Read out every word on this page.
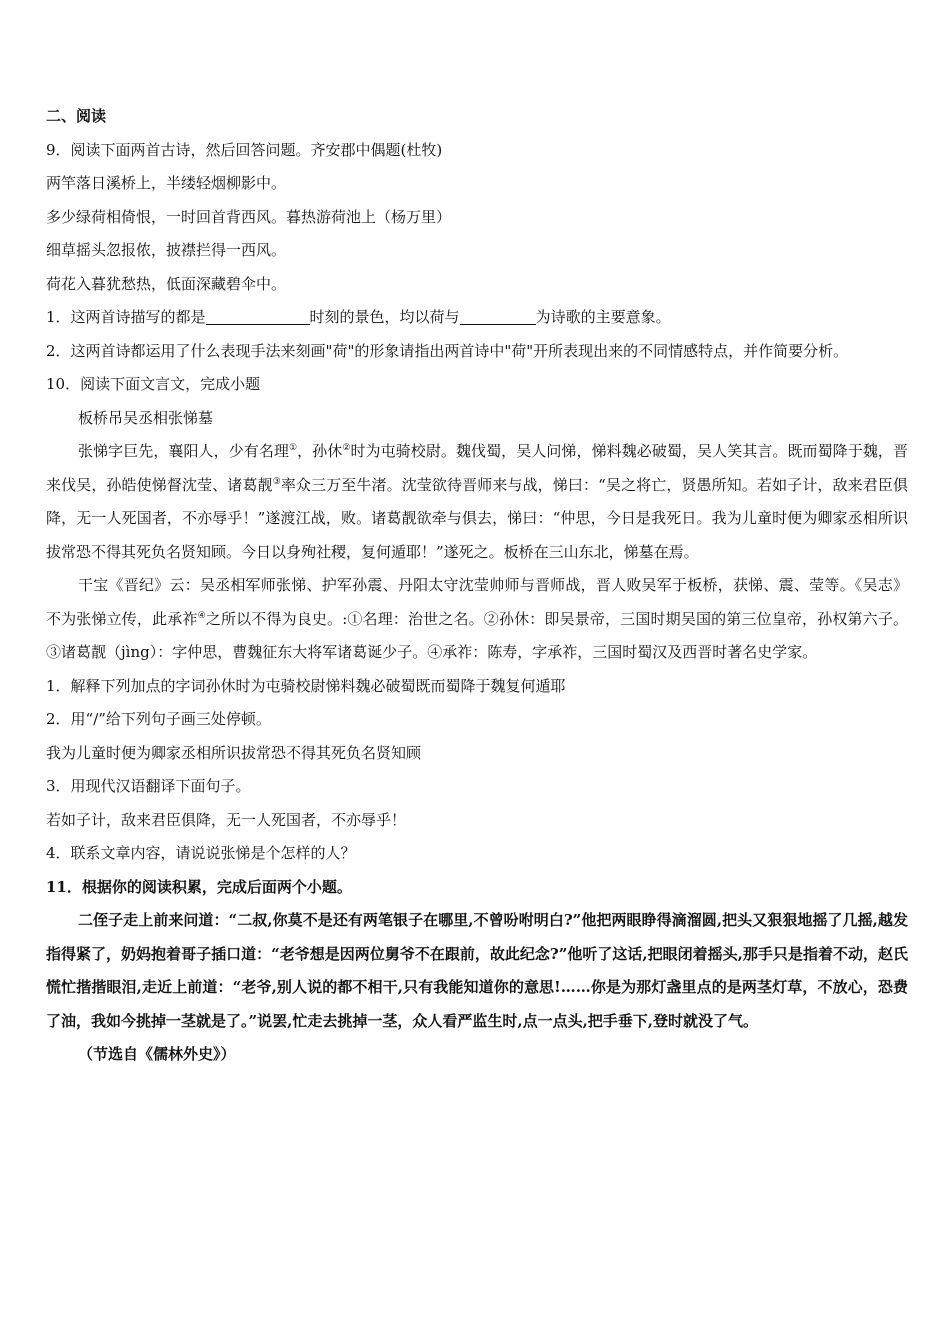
二、阅读
9．阅读下面两首古诗，然后回答问题。齐安郡中偶题(杜牧)
两竿落日溪桥上，半缕轻烟柳影中。
多少绿荷相倚恨，一时回首背西风。暮热游荷池上（杨万里）
细草摇头忽报侬，披襟拦得一西风。
荷花入暮犹愁热，低面深藏碧伞中。
1．这两首诗描写的都是	时刻的景色，均以荷与	为诗歌的主要意象。
2．这两首诗都运用了什么表现手法来刻画"荷"的形象请指出两首诗中"荷"开所表现出来的不同情感特点，并作简要分析。
10．阅读下面文言文，完成小题
板桥吊吴丞相张悌墓
张悌字巨先，襄阳人，少有名理①，孙休②时为屯骑校尉。魏伐蜀，吴人问悌，悌料魏必破蜀，吴人笑其言。既而蜀降于魏，晋来伐吴，孙皓使悌督沈莹、诸葛靓③率众三万至牛渚。沈莹欲待晋师来与战，悌曰：“吴之将亡，贤愚所知。若如子计，敌来君臣俱降，无一人死国者，不亦辱乎！”遂渡江战，败。诸葛靓欲牵与俱去，悌曰：“仲思，今日是我死日。我为儿童时便为卿家丞相所识拔常恐不得其死负名贤知顾。今日以身殉社稷，复何遁耶！”遂死之。板桥在三山东北，悌墓在焉。
干宝《晋纪》云：吴丞相军师张悌、护军孙震、丹阳太守沈莹帅师与晋师战，晋人败吴军于板桥，获悌、震、莹等。《吴志》不为张悌立传，此承祚④之所以不得为良史。:①名理：治世之名。②孙休：即吴景帝，三国时期吴国的第三位皇帝，孙权第六子。③诸葛靓（jìng）：字仲思，曹魏征东大将军诸葛诞少子。④承祚：陈寿，字承祚，三国时蜀汉及西晋时著名史学家。
1．解释下列加点的字词孙休时为屯骑校尉悌料魏必破蜀既而蜀降于魏复何遁耶
2．用“/”给下列句子画三处停顿。
我为儿童时便为卿家丞相所识拔常恐不得其死负名贤知顾
3．用现代汉语翻译下面句子。
若如子计，敌来君臣俱降，无一人死国者，不亦辱乎！
4．联系文章内容，请说说张悌是个怎样的人？
11．根据你的阅读积累，完成后面两个小题。
二侄子走上前来问道：“二叔,你莫不是还有两笔银子在哪里,不曾吩咐明白?”他把两眼睁得滴溜圆,把头又狠狠地摇了几摇,越发指得紧了，奶妈抱着哥子插口道：“老爷想是因两位舅爷不在跟前，故此纪念?”他听了这话,把眼闭着摇头,那手只是指着不动，赵氏慌忙揩揩眼泪,走近上前道：“老爷,别人说的都不相干,只有我能知道你的意思!……你是为那灯盏里点的是两茎灯草，不放心，恐费了油，我如今挑掉一茎就是了。”说罢,忙走去挑掉一茎，众人看严监生时,点一点头,把手垂下,登时就没了气。
（节选自《儒林外史》）
